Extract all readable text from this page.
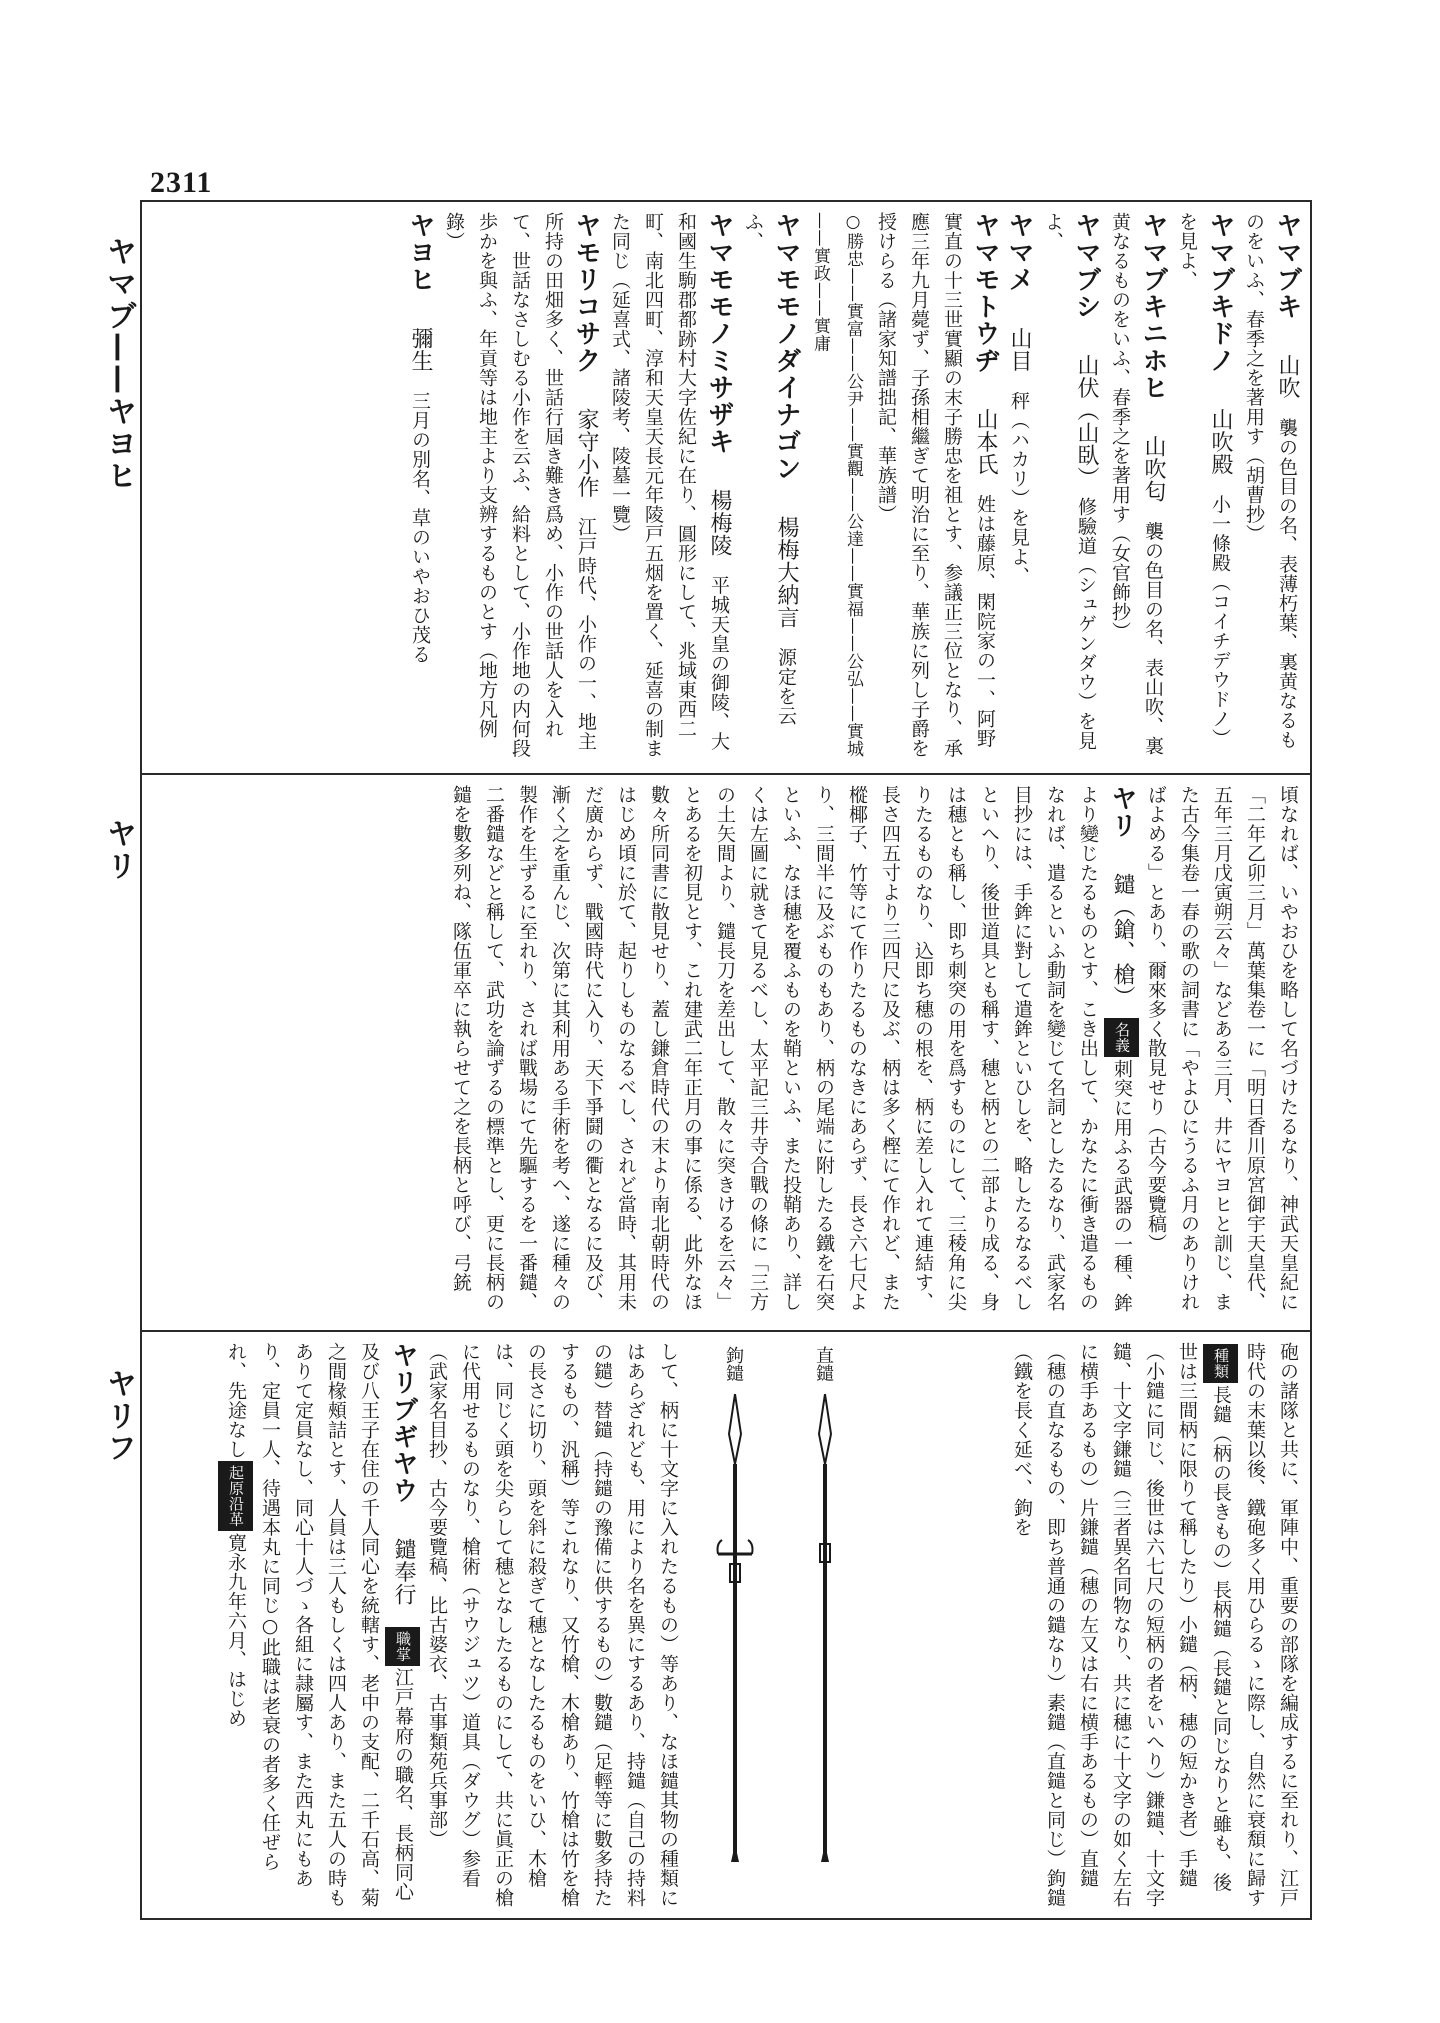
2311
ヤマブ——ヤヨヒ
ヤリ
ヤリフ
ヤマブキ　山吹　襲の色目の名、表薄朽葉、裏黄なるものをいふ、春季之を著用す（胡曹抄）
ヤマブキドノ　山吹殿　小一條殿（コイチデウドノ）を見よ、
ヤマブキニホヒ　山吹匂　襲の色目の名、表山吹、裏黄なるものをいふ、春季之を著用す（女官飾抄）
ヤマブシ　山伏（山臥）　修驗道（シュゲンダウ）を見よ、
ヤマメ　山目　秤（ハカリ）を見よ、
ヤマモトウヂ　山本氏　姓は藤原、閑院家の一、阿野實直の十三世實顯の末子勝忠を祖とす、参議正三位となり、承應三年九月薨ず、子孫相繼ぎて明治に至り、華族に列し子爵を授けらる（諸家知譜拙記、華族譜）
○勝忠——實富——公尹——實觀——公達——實福——公弘——實城——實政——實庸
ヤマモモノダイナゴン　楊梅大納言　源定を云ふ、
ヤマモモノミサザキ　楊梅陵　平城天皇の御陵、大和國生駒郡都跡村大字佐紀に在り、圓形にして、兆域東西二町、南北四町、淳和天皇天長元年陵戸五烟を置く、延喜の制また同じ（延喜式、諸陵考、陵墓一覽）
ヤモリコサク　家守小作　江戸時代、小作の一、地主所持の田畑多く、世話行屆き難き爲め、小作の世話人を入れて、世話なさしむる小作を云ふ、給料として、小作地の内何段歩かを與ふ、年貢等は地主より支辨するものとす（地方凡例錄）
ヤヨヒ　彌生　三月の別名、草のいやおひ茂る
頃なれば、いやおひを略して名づけたるなり、神武天皇紀に「二年乙卯三月」萬葉集卷一に「明日香川原宮御宇天皇代、五年三月戊寅朔云々」などある三月、井にヤヨヒと訓じ、また古今集卷一春の歌の詞書に「やよひにうるふ月のありければよめる」とあり、爾來多く散見せり（古今要覽稿）
ヤリ　鑓（鎗、槍）　名義刺突に用ふる武器の一種、鉾より變じたるものとす、こき出して、かなたに衝き遣るものなれば、遣るといふ動詞を變じて名詞としたるなり、武家名目抄には、手鉾に對して遣鉾といひしを、略したるなるべしといへり、後世道具とも稱す、穗と柄との二部より成る、身は穗とも稱し、即ち刺突の用を爲すものにして、三稜角に尖りたるものなり、込即ち穗の根を、柄に差し入れて連結す、長さ四五寸より三四尺に及ぶ、柄は多く樫にて作れど、また樅椰子、竹等にて作りたるものなきにあらず、長さ六七尺より、三間半に及ぶものもあり、柄の尾端に附したる鐵を石突といふ、なほ穗を覆ふものを鞘といふ、また投鞘あり、詳しくは左圖に就きて見るべし、太平記三井寺合戰の條に「三方の土矢間より、鑓長刀を差出して、散々に突きけるを云々」とあるを初見とす、これ建武二年正月の事に係る、此外なほ數々所同書に散見せり、蓋し鎌倉時代の末より南北朝時代のはじめ頃に於て、起りしものなるべし、されど當時、其用未だ廣からず、戰國時代に入り、天下爭鬪の衢となるに及び、漸く之を重んじ、次第に其利用ある手術を考へ、遂に種々の製作を生ずるに至れり、されば戰場にて先驅するを一番鑓、二番鑓などと稱して、武功を論ずるの標準とし、更に長柄の鑓を數多列ね、隊伍軍卒に執らせて之を長柄と呼び、弓銃
砲の諸隊と共に、軍陣中、重要の部隊を編成するに至れり、江戸時代の末葉以後、鐵砲多く用ひらるゝに際し、自然に衰頽に歸す種類長鑓（柄の長きもの）長柄鑓（長鑓と同じなりと雖も、後世は三間柄に限りて稱したり）小鑓（柄、穗の短かき者）手鑓（小鑓に同じ、後世は六七尺の短柄の者をいへり）鎌鑓、十文字鑓、十文字鎌鑓（三者異名同物なり、共に穗に十文字の如く左右に横手あるもの）片鎌鑓（穗の左又は右に横手あるもの）直鑓（穗の直なるもの、即ち普通の鑓なり）素鑓（直鑓と同じ）鉤鑓（鐵を長く延べ、鉤を
直鑓
鉤鑓
して、柄に十文字に入れたるもの）等あり、なほ鑓其物の種類にはあらざれども、用により名を異にするあり、持鑓（自己の持料の鑓）替鑓（持鑓の豫備に供するもの）數鑓（足輕等に數多持たするもの、汎稱）等これなり、又竹槍、木槍あり、竹槍は竹を槍の長さに切り、頭を斜に殺ぎて穗となしたるものをいひ、木槍は、同じく頭を尖らして穗となしたるものにして、共に眞正の槍に代用せるものなり、槍術（サウジュツ）道具（ダウグ）参看（武家名目抄、古今要覽稿、比古婆衣、古事類苑兵事部）
ヤリブギヤウ　鑓奉行　職掌江戸幕府の職名、長柄同心及び八王子在住の千人同心を統轄す、老中の支配、二千石高、菊之間椽頰詰とす、人員は三人もしくは四人あり、また五人の時もありて定員なし、同心十人づゝ各組に隷屬す、また西丸にもあり、定員一人、待遇本丸に同じ○此職は老衰の者多く任ぜられ、先途なし起原沿革寛永九年六月、はじめ
